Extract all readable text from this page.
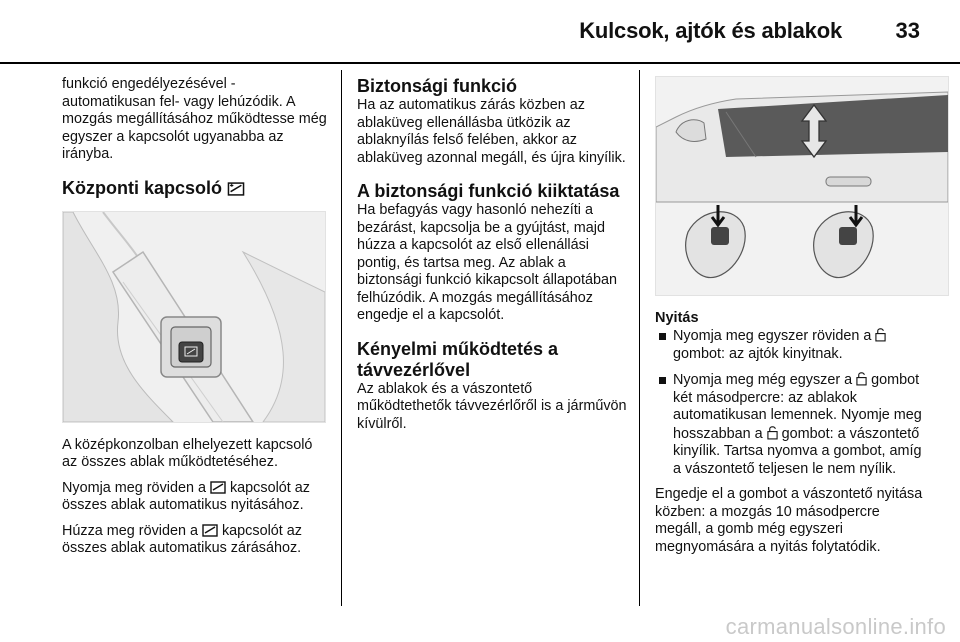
Kulcsok, ajtók és ablakok 33

funkció engedélyezésével - automatikusan fel- vagy lehúzódik. A mozgás megállításához működtesse még egyszer a kapcsolót ugyanabba az irányba.

Központi kapcsoló

A középkonzolban elhelyezett kapcsoló az összes ablak működtetéséhez.

Nyomja meg röviden a kapcsolót az összes ablak automatikus nyitásához.

Húzza meg röviden a kapcsolót az összes ablak automatikus zárásához.

Biztonsági funkció

Ha az automatikus zárás közben az ablaküveg ellenállásba ütközik az ablaknyílás felső felében, akkor az ablaküveg azonnal megáll, és újra kinyílik.

A biztonsági funkció kiiktatása

Ha befagyás vagy hasonló nehezíti a bezárást, kapcsolja be a gyújtást, majd húzza a kapcsolót az első ellenállási pontig, és tartsa meg. Az ablak a biztonsági funkció kikapcsolt állapotában felhúzódik. A mozgás megállításához engedje el a kapcsolót.

Kényelmi működtetés a távvezérlővel

Az ablakok és a vászontető működtethetők távvezérlőről is a járművön kívülről.

Nyitás
Nyomja meg egyszer röviden a  gombot: az ajtók kinyitnak.
Nyomja meg még egyszer a gombot két másodpercre: az ablakok automatikusan lemennek. Nyomje meg hosszabban a gombot: a vászontető kinyílik. Tartsa nyomva a gombot, amíg a vászontető teljesen le nem nyílik.

Engedje el a gombot a vászontető nyitása közben: a mozgás 10 másodpercre megáll, a gomb még egyszeri megnyomására a nyitás folytatódik.

carmanualsonline.info
